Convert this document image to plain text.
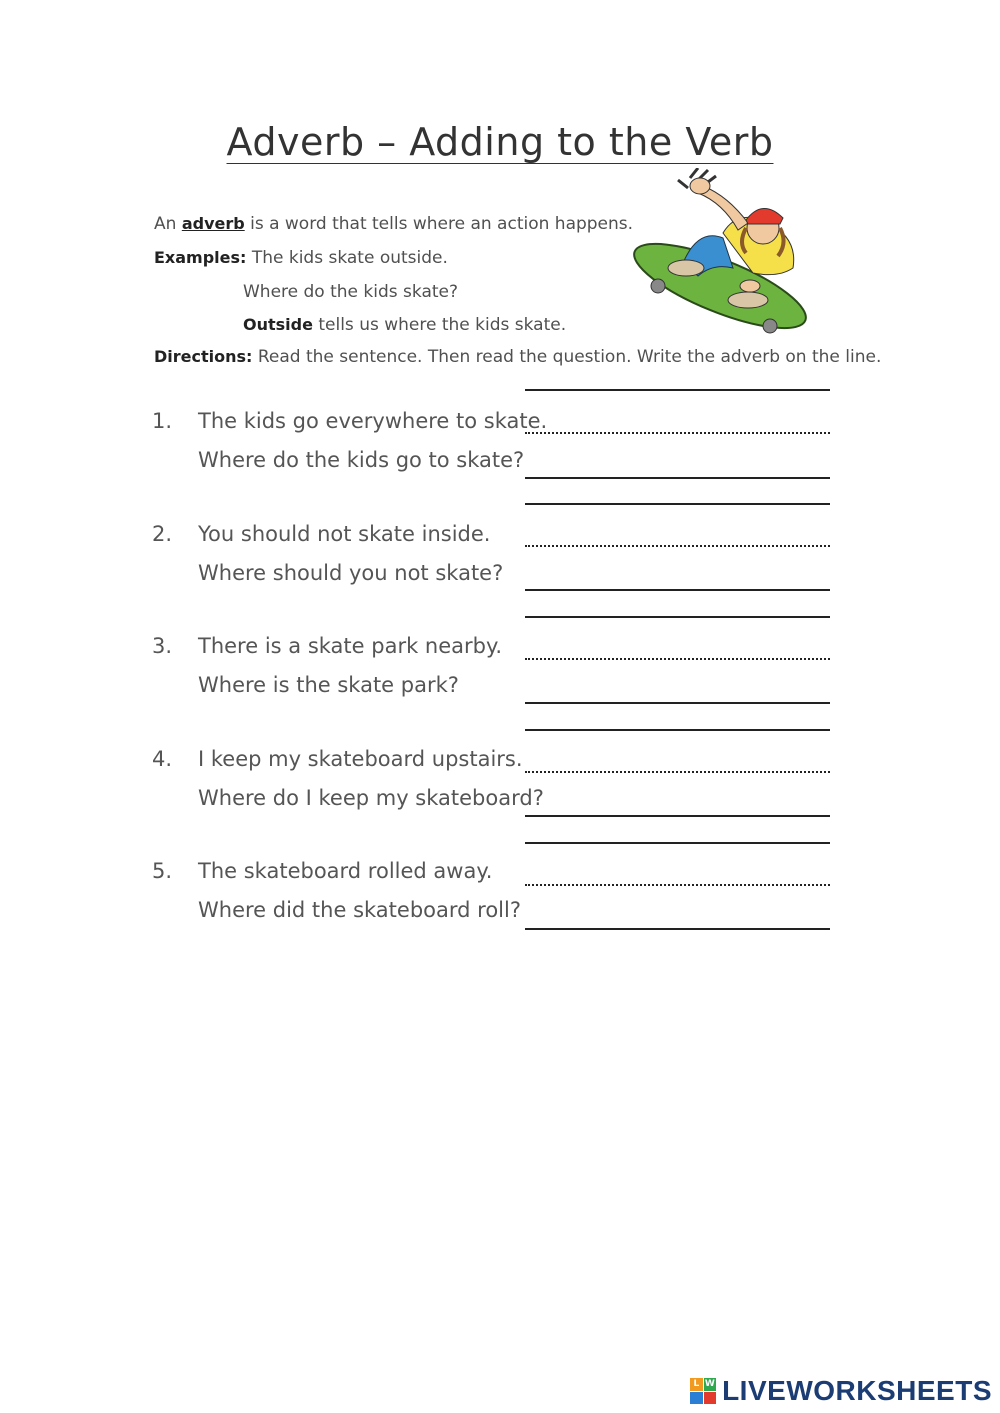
Adverb – Adding to the Verb
An adverb is a word that tells where an action happens.
Examples: The kids skate outside.
Where do the kids skate?
Outside tells us where the kids skate.
Directions: Read the sentence. Then read the question. Write the adverb on the line.
1. The kids go everywhere to skate.
Where do the kids go to skate?
2. You should not skate inside.
Where should you not skate?
3. There is a skate park nearby.
Where is the skate park?
4. I keep my skateboard upstairs.
Where do I keep my skateboard?
5. The skateboard rolled away.
Where did the skateboard roll?
L W LIVEWORKSHEETS
